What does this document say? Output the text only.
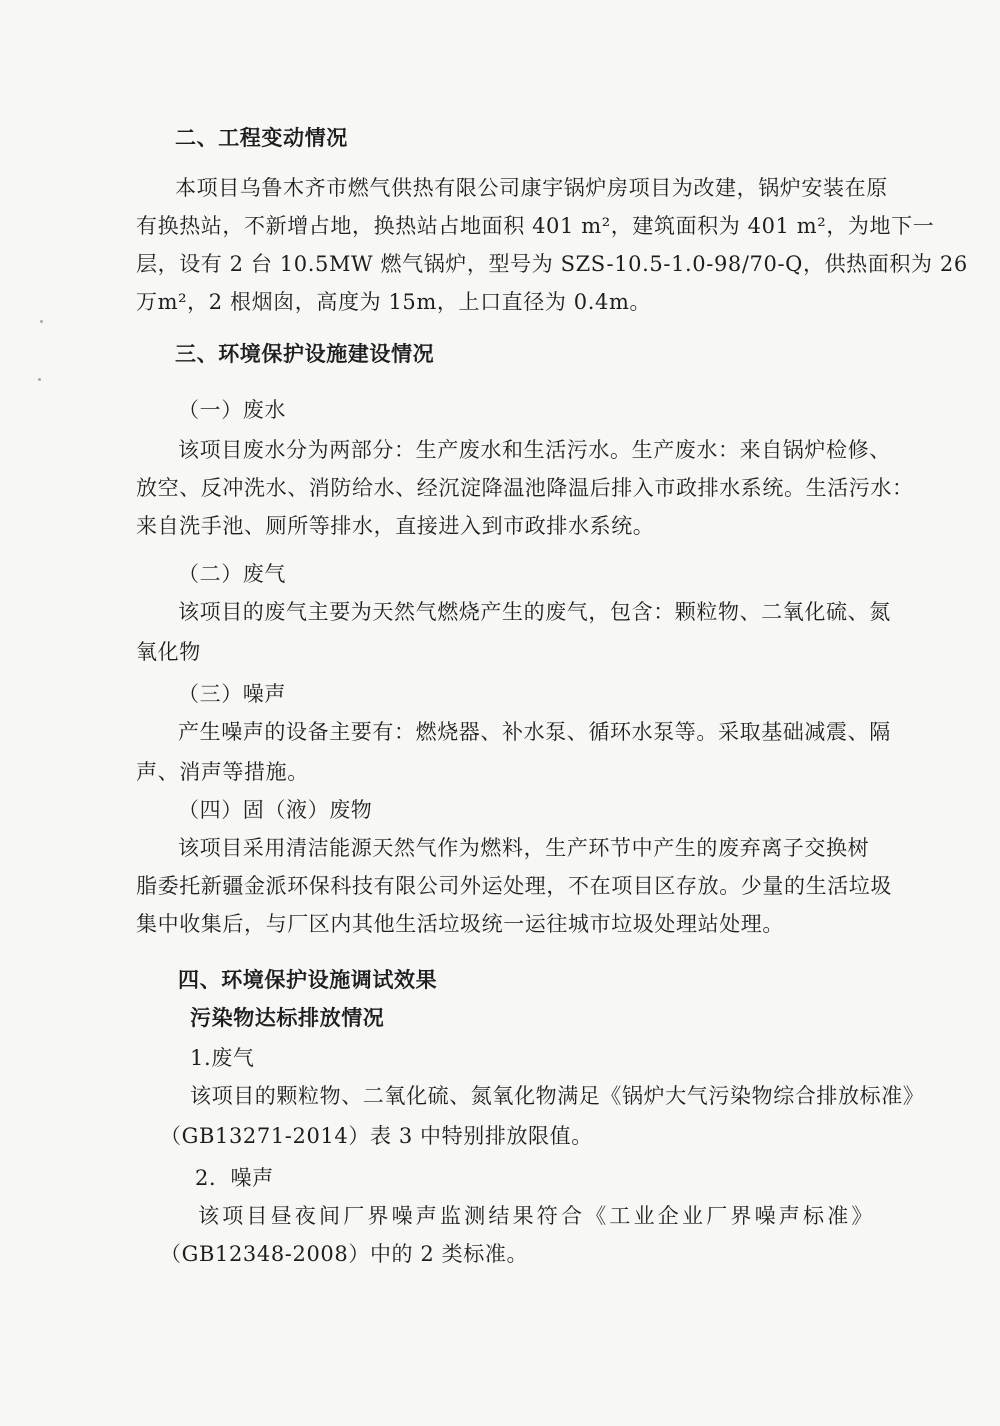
二、工程变动情况
本项目乌鲁木齐市燃气供热有限公司康宇锅炉房项目为改建，锅炉安装在原
有换热站，不新增占地，换热站占地面积 401 m²，建筑面积为 401 m²，为地下一
层，设有 2 台 10.5MW 燃气锅炉，型号为 SZS-10.5-1.0-98/70-Q，供热面积为 26
万m²，2 根烟囱，高度为 15m，上口直径为 0.4m。
三、环境保护设施建设情况
（一）废水
该项目废水分为两部分：生产废水和生活污水。生产废水：来自锅炉检修、
放空、反冲洗水、消防给水、经沉淀降温池降温后排入市政排水系统。生活污水：
来自洗手池、厕所等排水，直接进入到市政排水系统。
（二）废气
该项目的废气主要为天然气燃烧产生的废气，包含：颗粒物、二氧化硫、氮
氧化物
（三）噪声
产生噪声的设备主要有：燃烧器、补水泵、循环水泵等。采取基础减震、隔
声、消声等措施。
（四）固（液）废物
该项目采用清洁能源天然气作为燃料，生产环节中产生的废弃离子交换树
脂委托新疆金派环保科技有限公司外运处理，不在项目区存放。少量的生活垃圾
集中收集后，与厂区内其他生活垃圾统一运往城市垃圾处理站处理。
四、环境保护设施调试效果
污染物达标排放情况
1.废气
该项目的颗粒物、二氧化硫、氮氧化物满足《锅炉大气污染物综合排放标准》
（GB13271-2014）表 3 中特别排放限值。
2．噪声
该项目昼夜间厂界噪声监测结果符合《工业企业厂界噪声标准》
（GB12348-2008）中的 2 类标准。
